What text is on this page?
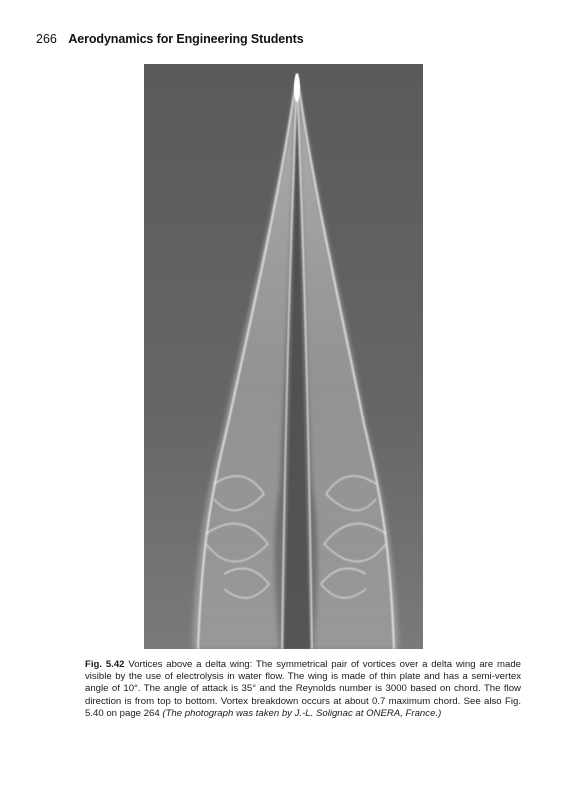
266 Aerodynamics for Engineering Students
Fig. 5.42 Vortices above a delta wing: The symmetrical pair of vortices over a delta wing are made visible by the use of electrolysis in water flow. The wing is made of thin plate and has a semi-vertex angle of 10°. The angle of attack is 35° and the Reynolds number is 3000 based on chord. The flow direction is from top to bottom. Vortex breakdown occurs at about 0.7 maximum chord. See also Fig. 5.40 on page 264 (The photograph was taken by J.-L. Solignac at ONERA, France.)
